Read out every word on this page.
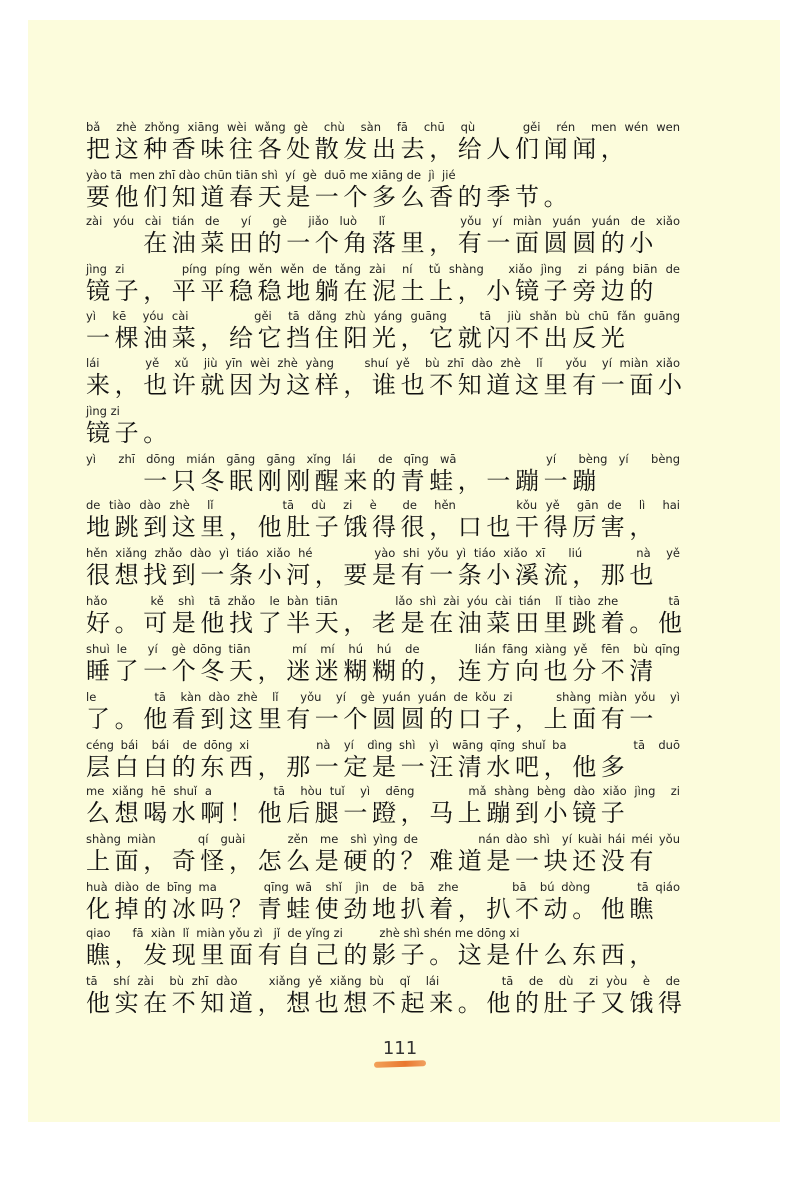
bǎ  zhè zhǒng xiāng wèi wǎng gè  chù  sàn  fā  chū  qù      gěi  rén  men wén wen
把这种香味往各处散发出去，给人们闻闻，
yào tā  men zhī dào chūn tiān shì  yí  gè  duō me xiāng de  jì  jié
要他们知道春天是一个多么香的季节。
zài yóu cài tián de  yí  gè  jiǎo luò  lǐ       yǒu yí miàn yuán yuán de xiǎo
　　在油菜田的一个角落里，有一面圆圆的小
jìng zi       píng píng wěn wěn de tǎng zài  ní  tǔ shàng   xiǎo jìng  zi páng biān de
镜子，平平稳稳地躺在泥土上，小镜子旁边的
yì  kē  yóu cài        gěi  tā dǎng zhù yáng guāng    tā  jiù shǎn bù chū fǎn guāng
一棵油菜，给它挡住阳光，它就闪不出反光
lái      yě  xǔ  jiù yīn wèi zhè yàng    shuí yě  bù zhī dào zhè  lǐ   yǒu  yí miàn xiǎo
来，也许就因为这样，谁也不知道这里有一面小
jìng zi
镜子。
yì  zhī dōng mián gāng gāng xǐng lái  de qīng wā        yí  bèng yí  bèng
　　一只冬眠刚刚醒来的青蛙，一蹦一蹦
de tiào dào zhè  lǐ        tā  dù  zi  è   de  hěn       kǒu yě  gān de  lì  hai
地跳到这里，他肚子饿得很，口也干得厉害，
hěn xiǎng zhǎo dào yì tiáo xiǎo hé        yào shi yǒu yì tiáo xiǎo xī   liú       nà  yě
很想找到一条小河，要是有一条小溪流，那也
hǎo      kě  shì  tā zhǎo  le bàn tiān        lǎo shì zài yóu cài tián  lǐ tiào zhe       tā
好。可是他找了半天，老是在油菜田里跳着。他
shuì le   yí  gè dōng tiān      mí  mí  hú  hú  de        lián fāng xiàng yě  fēn  bù qīng
睡了一个冬天，迷迷糊糊的，连方向也分不清
le        tā  kàn dào zhè  lǐ   yǒu  yí  gè yuán yuán de kǒu zi      shàng miàn yǒu  yì
了。他看到这里有一个圆圆的口子，上面有一
céng bái  bái  de dōng xi          nà  yí  dìng shì  yì  wāng qīng shuǐ ba          tā  duō
层白白的东西，那一定是一汪清水吧，他多
me xiǎng hē shuǐ a        tā  hòu tuǐ  yì  dēng       mǎ shàng bèng dào xiǎo jìng  zi
么想喝水啊！他后腿一蹬，马上蹦到小镜子
shàng miàn       qí  guài       zěn  me  shì yìng de          nán dào shì  yí kuài hái méi yǒu
上面，奇怪，怎么是硬的？难道是一块还没有
huà diào de bīng ma       qīng wā  shǐ  jìn  de  bā  zhe        bā  bú dòng       tā qiáo
化掉的冰吗？青蛙使劲地扒着，扒不动。他瞧
qiao      fā  xiàn  lǐ  miàn yǒu zì   jǐ  de yǐng zi          zhè shì shén me dōng xi
瞧，发现里面有自己的影子。这是什么东西，
tā  shí zài  bù zhī dào    xiǎng yě xiǎng bù  qǐ  lái        tā  de  dù  zi yòu  è  de
他实在不知道，想也想不起来。他的肚子又饿得
111
